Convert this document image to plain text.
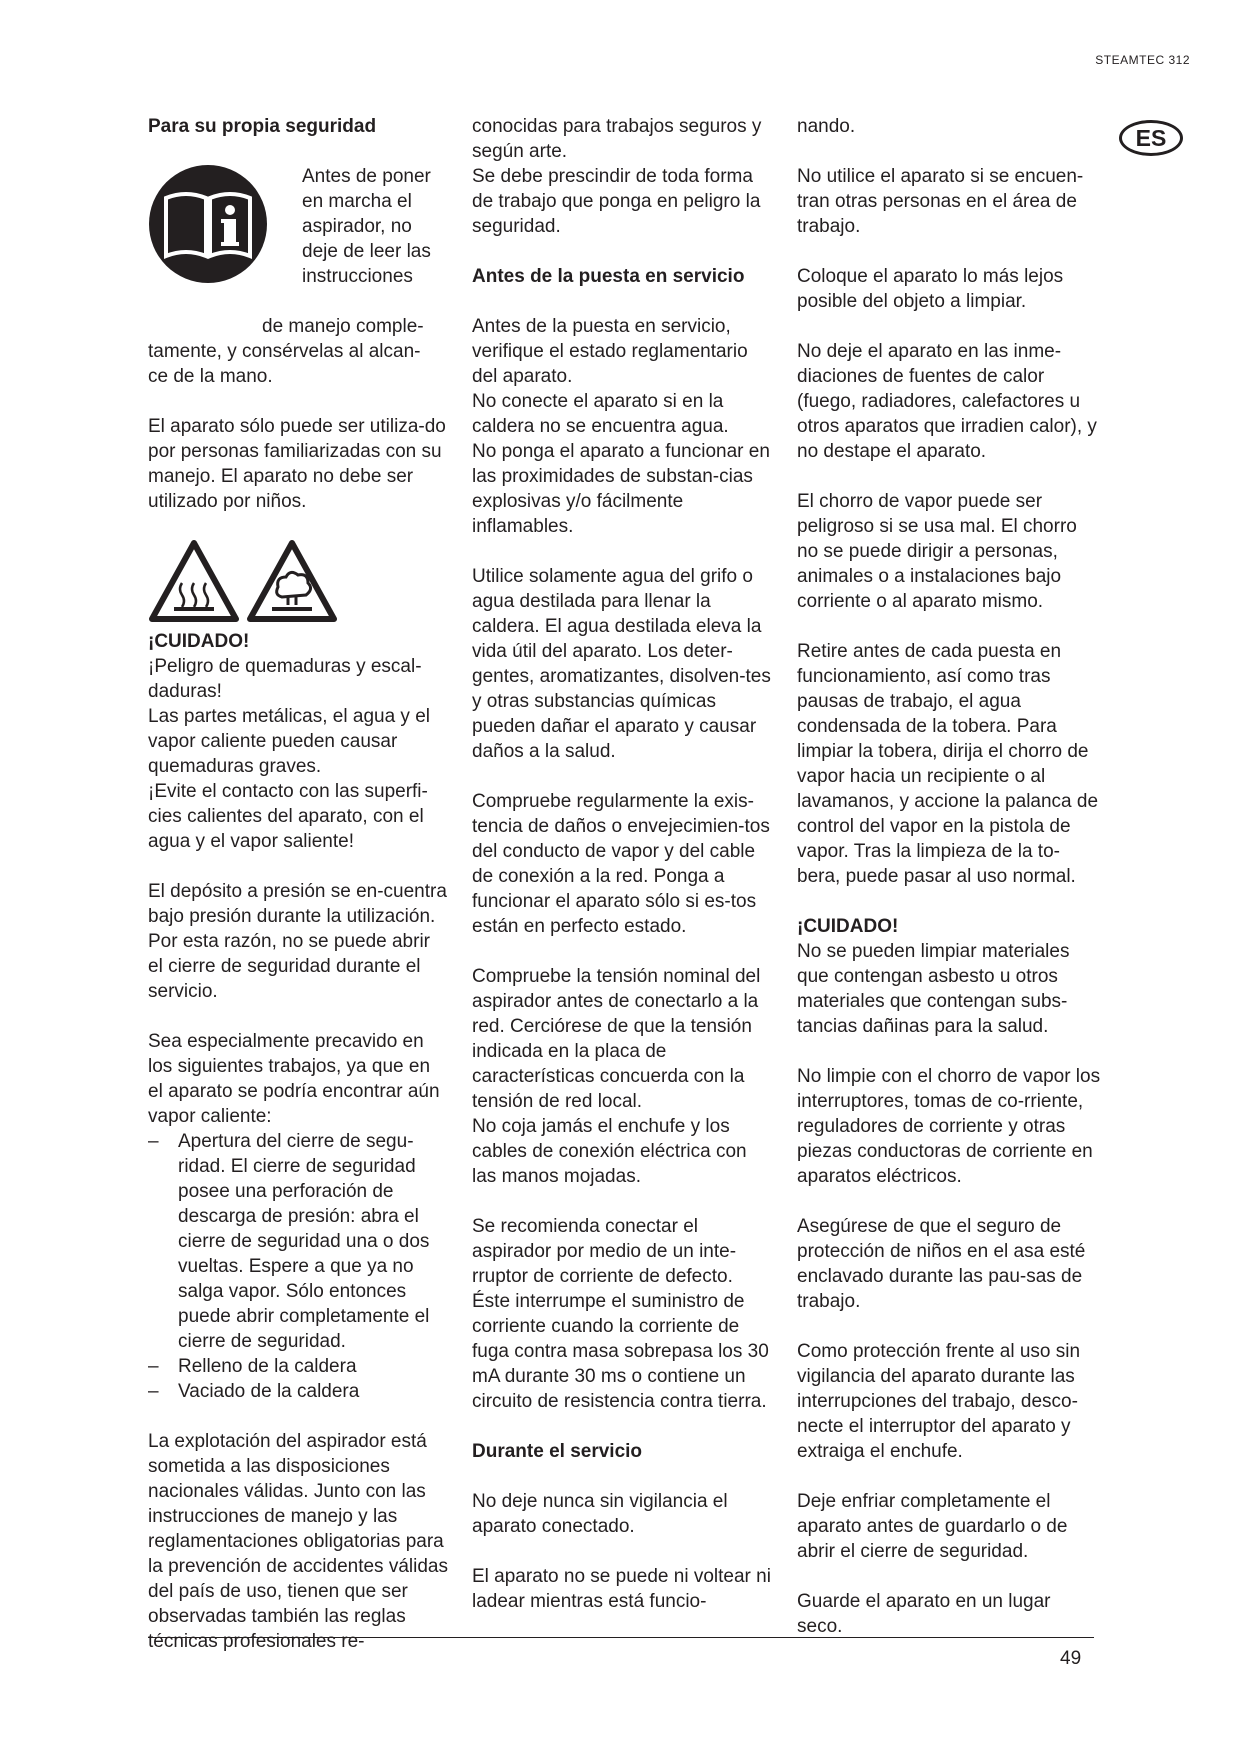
STEAMTEC 312
ES
Para su propia seguridad
Antes de poner
en marcha el
aspirador, no
deje de leer las
instrucciones
de manejo comple-
tamente, y consérvelas al alcan-
ce de la mano.

El aparato sólo puede ser utiliza-do por personas familiarizadas con su manejo. El aparato no debe ser utilizado por niños.

¡CUIDADO!
¡Peligro de quemaduras y escal-daduras!
Las partes metálicas, el agua y el vapor caliente pueden causar quemaduras graves.

¡Evite el contacto con las superfi-cies calientes del aparato, con el agua y el vapor saliente!

El depósito a presión se en-cuentra bajo presión durante la utilización. Por esta razón, no se puede abrir el cierre de seguridad durante el servicio.

Sea especialmente precavido en los siguientes trabajos, ya que en el aparato se podría encontrar aún vapor caliente:
– Apertura del cierre de segu-ridad. El cierre de seguridad posee una perforación de descarga de presión: abra el cierre de seguridad una o dos vueltas. Espere a que ya no salga vapor. Sólo entonces puede abrir completamente el cierre de seguridad.
– Relleno de la caldera
– Vaciado de la caldera

La explotación del aspirador está sometida a las disposiciones nacionales válidas. Junto con las instrucciones de manejo y las reglamentaciones obligatorias para la prevención de accidentes válidas del país de uso, tienen que ser observadas también las reglas técnicas profesionales re-

conocidas para trabajos seguros y según arte.

Se debe prescindir de toda forma de trabajo que ponga en peligro la seguridad.

Antes de la puesta en servicio
Antes de la puesta en servicio, verifique el estado reglamentario del aparato.
No conecte el aparato si en la caldera no se encuentra agua.

No ponga el aparato a funcionar en las proximidades de substan-cias explosivas y/o fácilmente inflamables.

Utilice solamente agua del grifo o agua destilada para llenar la caldera. El agua destilada eleva la vida útil del aparato. Los deter-gentes, aromatizantes, disolven-tes y otras substancias químicas pueden dañar el aparato y causar daños a la salud.

Compruebe regularmente la exis-tencia de daños o envejecimien-tos del conducto de vapor y del cable de conexión a la red. Ponga a funcionar el aparato sólo si es-tos están en perfecto estado.

Compruebe la tensión nominal del aspirador antes de conectarlo a la red. Cerciórese de que la tensión indicada en la placa de características concuerda con la tensión de red local.

No coja jamás el enchufe y los cables de conexión eléctrica con las manos mojadas.

Se recomienda conectar el aspirador por medio de un inte-rruptor de corriente de defecto. Éste interrumpe el suministro de corriente cuando la corriente de fuga contra masa sobrepasa los 30 mA durante 30 ms o contiene un circuito de resistencia contra tierra.

Durante el servicio

No deje nunca sin vigilancia el aparato conectado.

El aparato no se puede ni voltear ni ladear mientras está funcio-

nando.

No utilice el aparato si se encuen-tran otras personas en el área de trabajo.

Coloque el aparato lo más lejos posible del objeto a limpiar.

No deje el aparato en las inme-diaciones de fuentes de calor (fuego, radiadores, calefactores u otros aparatos que irradien calor), y no destape el aparato.

El chorro de vapor puede ser peligroso si se usa mal. El chorro no se puede dirigir a personas, animales o a instalaciones bajo corriente o al aparato mismo.

Retire antes de cada puesta en funcionamiento, así como tras pausas de trabajo, el agua condensada de la tobera. Para limpiar la tobera, dirija el chorro de vapor hacia un recipiente o al lavamanos, y accione la palanca de control del vapor en la pistola de vapor. Tras la limpieza de la to-bera, puede pasar al uso normal.

¡CUIDADO!

No se pueden limpiar materiales que contengan asbesto u otros materiales que contengan subs-tancias dañinas para la salud.

No limpie con el chorro de vapor los interruptores, tomas de co-rriente, reguladores de corriente y otras piezas conductoras de corriente en aparatos eléctricos.

Asegúrese de que el seguro de protección de niños en el asa esté enclavado durante las pau-sas de trabajo.

Como protección frente al uso sin vigilancia del aparato durante las interrupciones del trabajo, desco-necte el interruptor del aparato y extraiga el enchufe.

Deje enfriar completamente el aparato antes de guardarlo o de abrir el cierre de seguridad.

Guarde el aparato en un lugar seco.

49
